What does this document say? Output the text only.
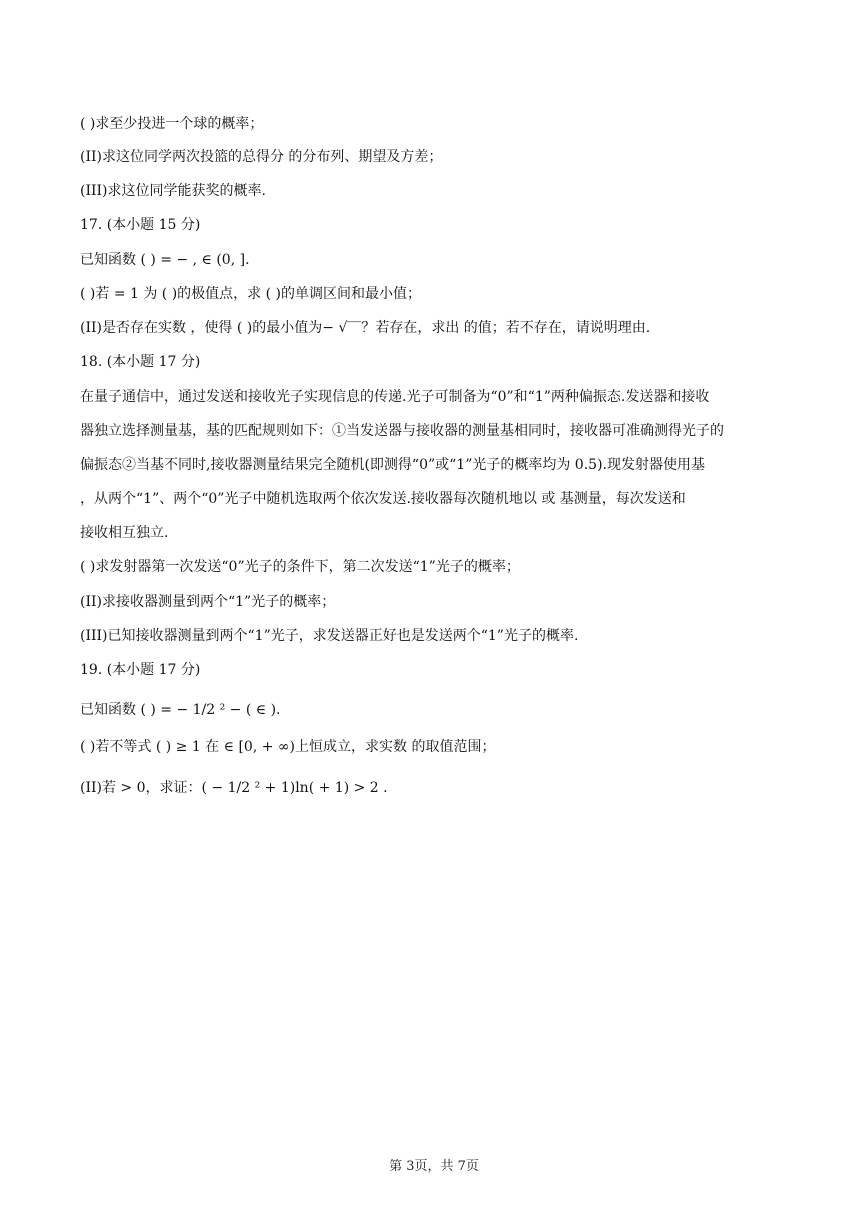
( )求至少投进一个球的概率；
(II)求这位同学两次投篮的总得分 的分布列、期望及方差；
(III)求这位同学能获奖的概率.
17. (本小题 15 分)
已知函数 ( ) = − , ∈ (0, ].
( )若 = 1 为 ( )的极值点，求 ( )的单调区间和最小值；
(II)是否存在实数 ，使得 ( )的最小值为− √‾‾？若存在，求出 的值；若不存在，请说明理由.
18. (本小题 17 分)
在量子通信中，通过发送和接收光子实现信息的传递.光子可制备为“0”和“1”两种偏振态.发送器和接收
器独立选择测量基，基的匹配规则如下：①当发送器与接收器的测量基相同时，接收器可准确测得光子的
偏振态②当基不同时,接收器测量结果完全随机(即测得“0”或“1”光子的概率均为 0.5).现发射器使用基
，从两个“1”、两个“0”光子中随机选取两个依次发送.接收器每次随机地以 或 基测量，每次发送和
接收相互独立.
( )求发射器第一次发送“0”光子的条件下，第二次发送“1”光子的概率；
(II)求接收器测量到两个“1”光子的概率；
(III)已知接收器测量到两个“1”光子，求发送器正好也是发送两个“1”光子的概率.
19. (本小题 17 分)
已知函数 ( ) = − 1/2 ² − ( ∈ ).
( )若不等式 ( ) ≥ 1 在 ∈ [0, + ∞)上恒成立，求实数 的取值范围；
(II)若 > 0，求证：( − 1/2 ² + 1)ln( + 1) > 2 .
第 3页，共 7页
